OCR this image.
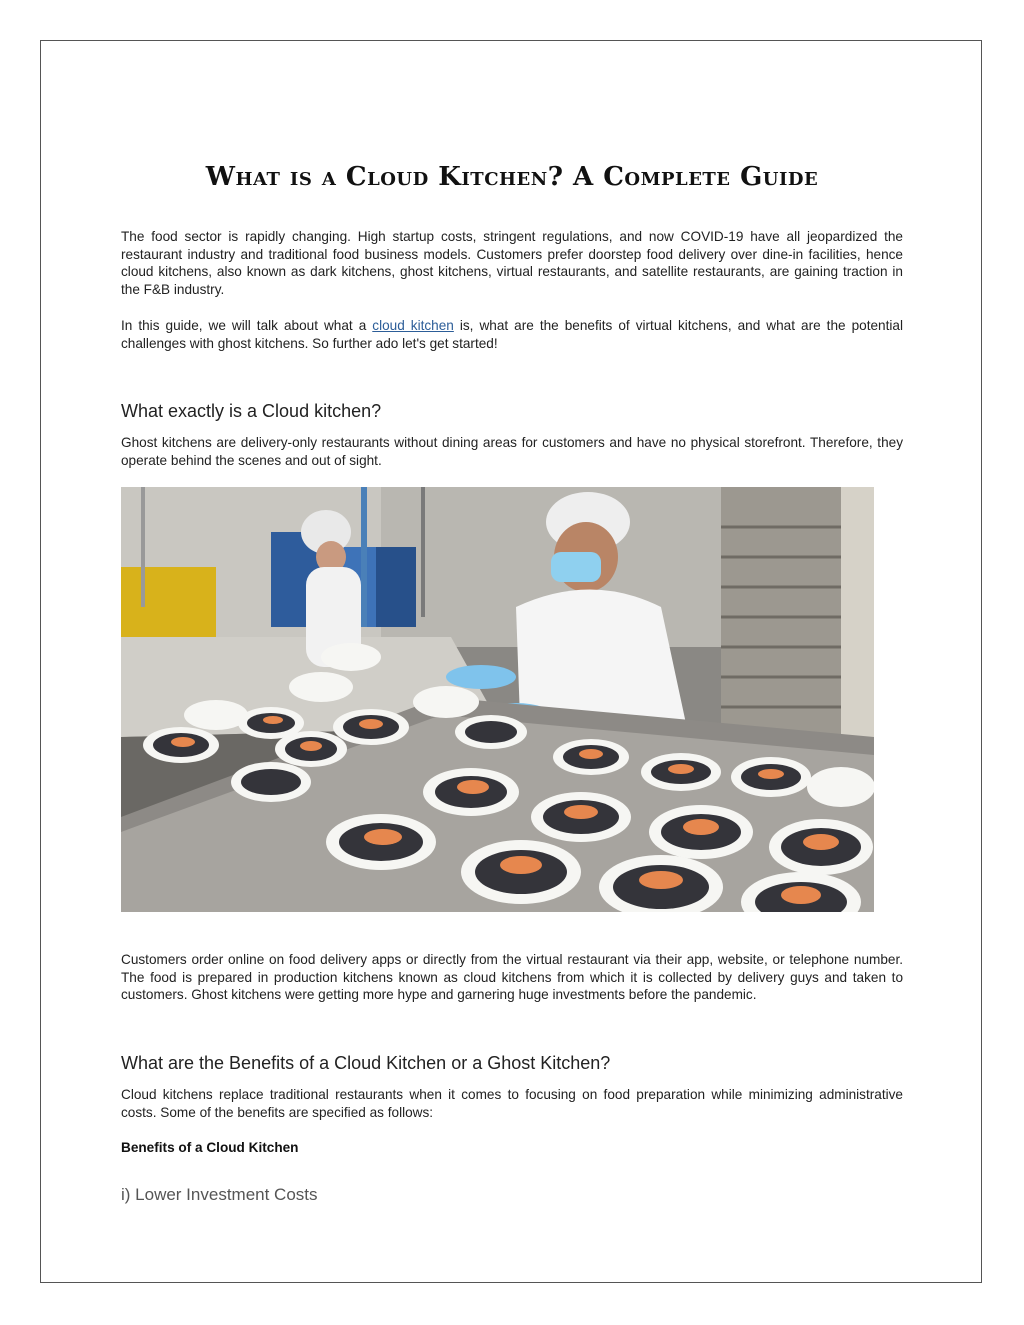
What is a Cloud Kitchen? A Complete Guide

The food sector is rapidly changing. High startup costs, stringent regulations, and now COVID-19 have all jeopardized the restaurant industry and traditional food business models. Customers prefer doorstep food delivery over dine-in facilities, hence cloud kitchens, also known as dark kitchens, ghost kitchens, virtual restaurants, and satellite restaurants, are gaining traction in the F&B industry.

In this guide, we will talk about what a cloud kitchen is, what are the benefits of virtual kitchens, and what are the potential challenges with ghost kitchens. So further ado let's get started!

What exactly is a Cloud kitchen?

Ghost kitchens are delivery-only restaurants without dining areas for customers and have no physical storefront. Therefore, they operate behind the scenes and out of sight.

Customers order online on food delivery apps or directly from the virtual restaurant via their app, website, or telephone number. The food is prepared in production kitchens known as cloud kitchens from which it is collected by delivery guys and taken to customers. Ghost kitchens were getting more hype and garnering huge investments before the pandemic.

What are the Benefits of a Cloud Kitchen or a Ghost Kitchen?

Cloud kitchens replace traditional restaurants when it comes to focusing on food preparation while minimizing administrative costs. Some of the benefits are specified as follows:

Benefits of a Cloud Kitchen
i) Lower Investment Costs
